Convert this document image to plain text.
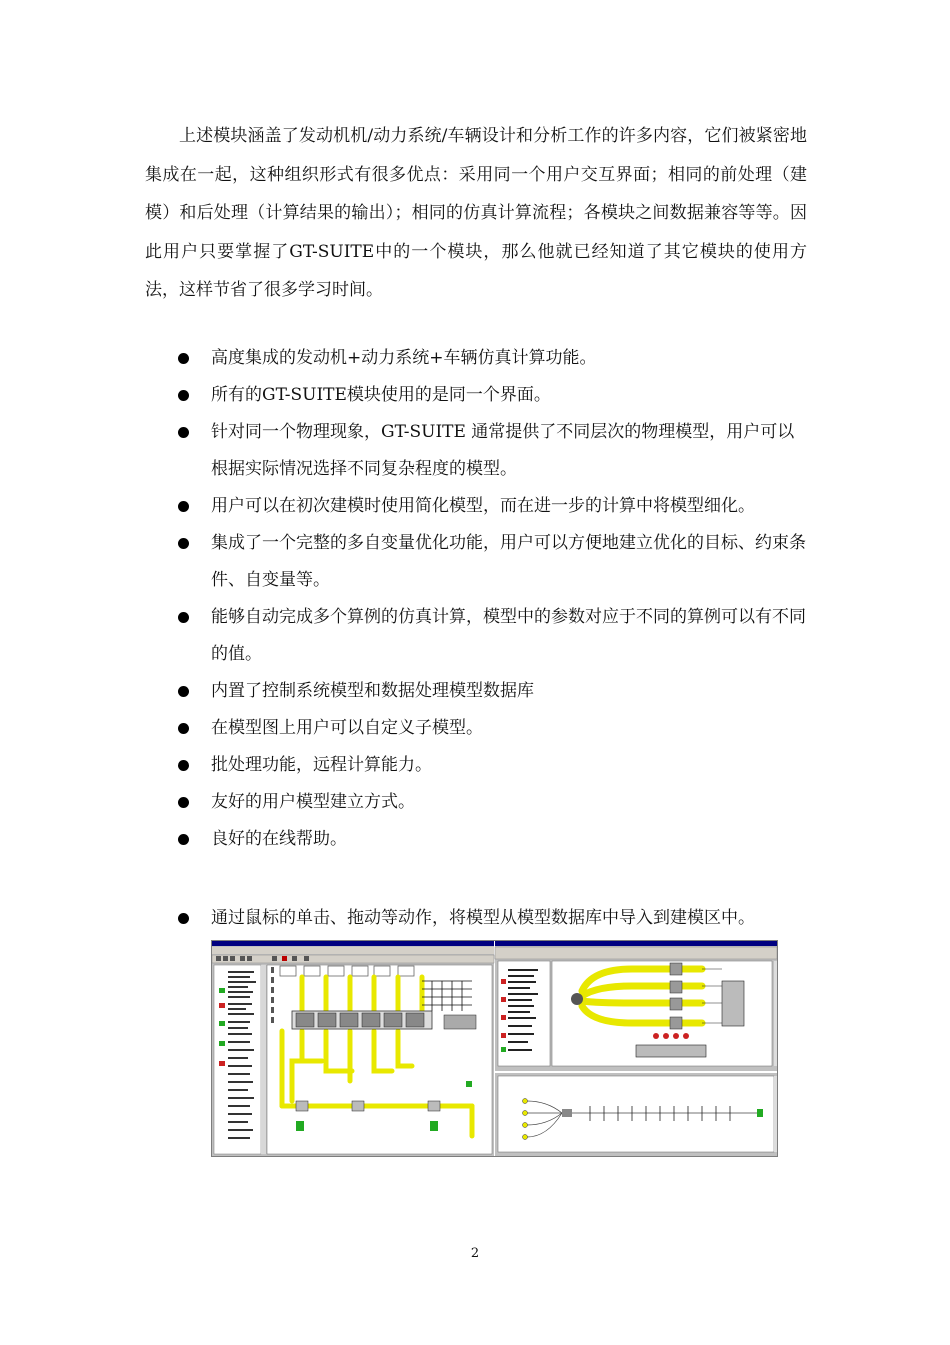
上述模块涵盖了发动机机/动力系统/车辆设计和分析工作的许多内容，它们被紧密地集成在一起，这种组织形式有很多优点：采用同一个用户交互界面；相同的前处理（建模）和后处理（计算结果的输出）；相同的仿真计算流程；各模块之间数据兼容等等。因此用户只要掌握了GT-SUITE中的一个模块，那么他就已经知道了其它模块的使用方法，这样节省了很多学习时间。

高度集成的发动机+动力系统+车辆仿真计算功能。
所有的GT-SUITE模块使用的是同一个界面。
针对同一个物理现象，GT-SUITE 通常提供了不同层次的物理模型，用户可以根据实际情况选择不同复杂程度的模型。
用户可以在初次建模时使用简化模型，而在进一步的计算中将模型细化。
集成了一个完整的多自变量优化功能，用户可以方便地建立优化的目标、约束条件、自变量等。
能够自动完成多个算例的仿真计算，模型中的参数对应于不同的算例可以有不同的值。
内置了控制系统模型和数据处理模型数据库
在模型图上用户可以自定义子模型。
批处理功能，远程计算能力。
友好的用户模型建立方式。
良好的在线帮助。
通过鼠标的单击、拖动等动作，将模型从模型数据库中导入到建模区中。
2
